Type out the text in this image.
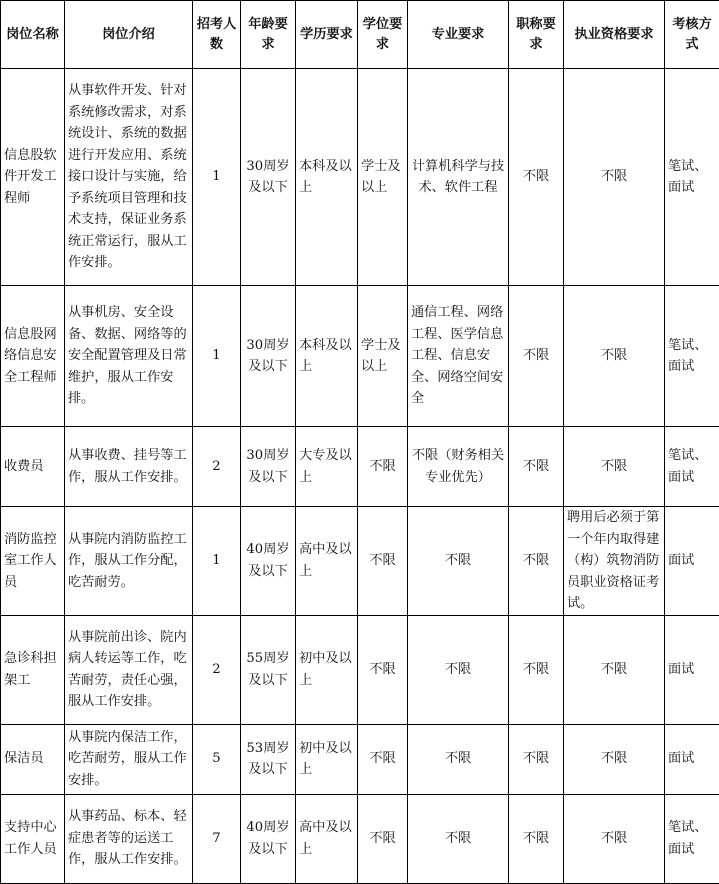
岗位名称	岗位介绍	招考人数	年龄要求	学历要求	学位要求	专业要求	职称要求	执业资格要求	考核方式
信息股软件开发工程师	从事软件开发、针对系统修改需求，对系统设计、系统的数据进行开发应用、系统接口设计与实施，给予系统项目管理和技术支持，保证业务系统正常运行，服从工作安排。	1	30周岁及以下	本科及以上	学士及以上	计算机科学与技术、软件工程	不限	不限	笔试、面试
信息股网络信息安全工程师	从事机房、安全设备、数据、网络等的安全配置管理及日常维护，服从工作安排。	1	30周岁及以下	本科及以上	学士及以上	通信工程、网络工程、医学信息工程、信息安全、网络空间安全	不限	不限	笔试、面试
收费员	从事收费、挂号等工作，服从工作安排。	2	30周岁及以下	大专及以上	不限	不限（财务相关专业优先）	不限	不限	笔试、面试
消防监控室工作人员	从事院内消防监控工作，服从工作分配，吃苦耐劳。	1	40周岁及以下	高中及以上	不限	不限	不限	聘用后必须于第一个年内取得建（构）筑物消防员职业资格证考试。	面试
急诊科担架工	从事院前出诊、院内病人转运等工作，吃苦耐劳，责任心强，服从工作安排。	2	55周岁及以下	初中及以上	不限	不限	不限	不限	面试
保洁员	从事院内保洁工作，吃苦耐劳，服从工作安排。	5	53周岁及以下	初中及以上	不限	不限	不限	不限	面试
支持中心工作人员	从事药品、标本、轻症患者等的运送工作，服从工作安排。	7	40周岁及以下	高中及以上	不限	不限	不限	不限	笔试、面试
